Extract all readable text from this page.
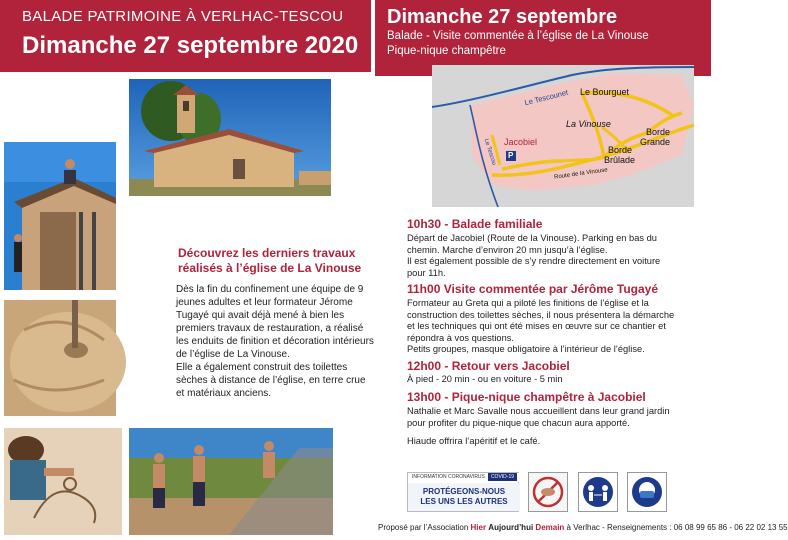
BALADE PATRIMOINE À VERLHAC-TESCOU
Dimanche 27 septembre 2020
Dimanche 27 septembre
Balade - Visite commentée à l’église de La Vinouse
Pique-nique champêtre
Le Tescounet Le Bourguet
Jacobiel
La Vinouse
Borde
Grande
Borde
Brûlade
Route de la Vinouse
Le Tescou P
Découvrez les derniers travaux réalisés à l’église de La Vinouse

Dès la fin du confinement une équipe de 9 jeunes adultes et leur formateur Jérome Tugayé qui avait déjà mené à bien les premiers travaux de restauration, a réalisé les enduits de finition et décoration intérieurs de l’église de La Vinouse.

Elle a également construit des toilettes sèches à distance de l’église, en terre crue et matériaux anciens.

10h30 - Balade familiale
Départ de Jacobiel (Route de la Vinouse). Parking en bas du
chemin. Marche d’environ 20 mn jusqu’à l’église.
Il est également possible de s’y rendre directement en voiture
pour 11h.
11h00 Visite commentée par Jérôme Tugayé
Formateur au Greta qui a piloté les finitions de l’église et la
construction des toilettes sèches, il nous présentera la démarche
et les techniques qui ont été mises en œuvre sur ce chantier et
répondra à vos questions.
Petits groupes, masque obligatoire à l’intérieur de l’église.
12h00 - Retour vers Jacobiel
À pied - 20 min - ou en voiture - 5 min
13h00 - Pique-nique champêtre à Jacobiel
Nathalie et Marc Savalle nous accueillent dans leur grand jardin
pour profiter du pique-nique que chacun aura apporté.
Hiaude offrira l’apéritif et le café.
INFORMATION CORONAVIRUS	COVID-19
PROTÉGEONS-NOUS
LES UNS LES AUTRES
Proposé par l’Association Hier Aujourd’hui Demain à Verlhac - Renseignements : 06 08 99 65 86 - 06 22 02 13 55
